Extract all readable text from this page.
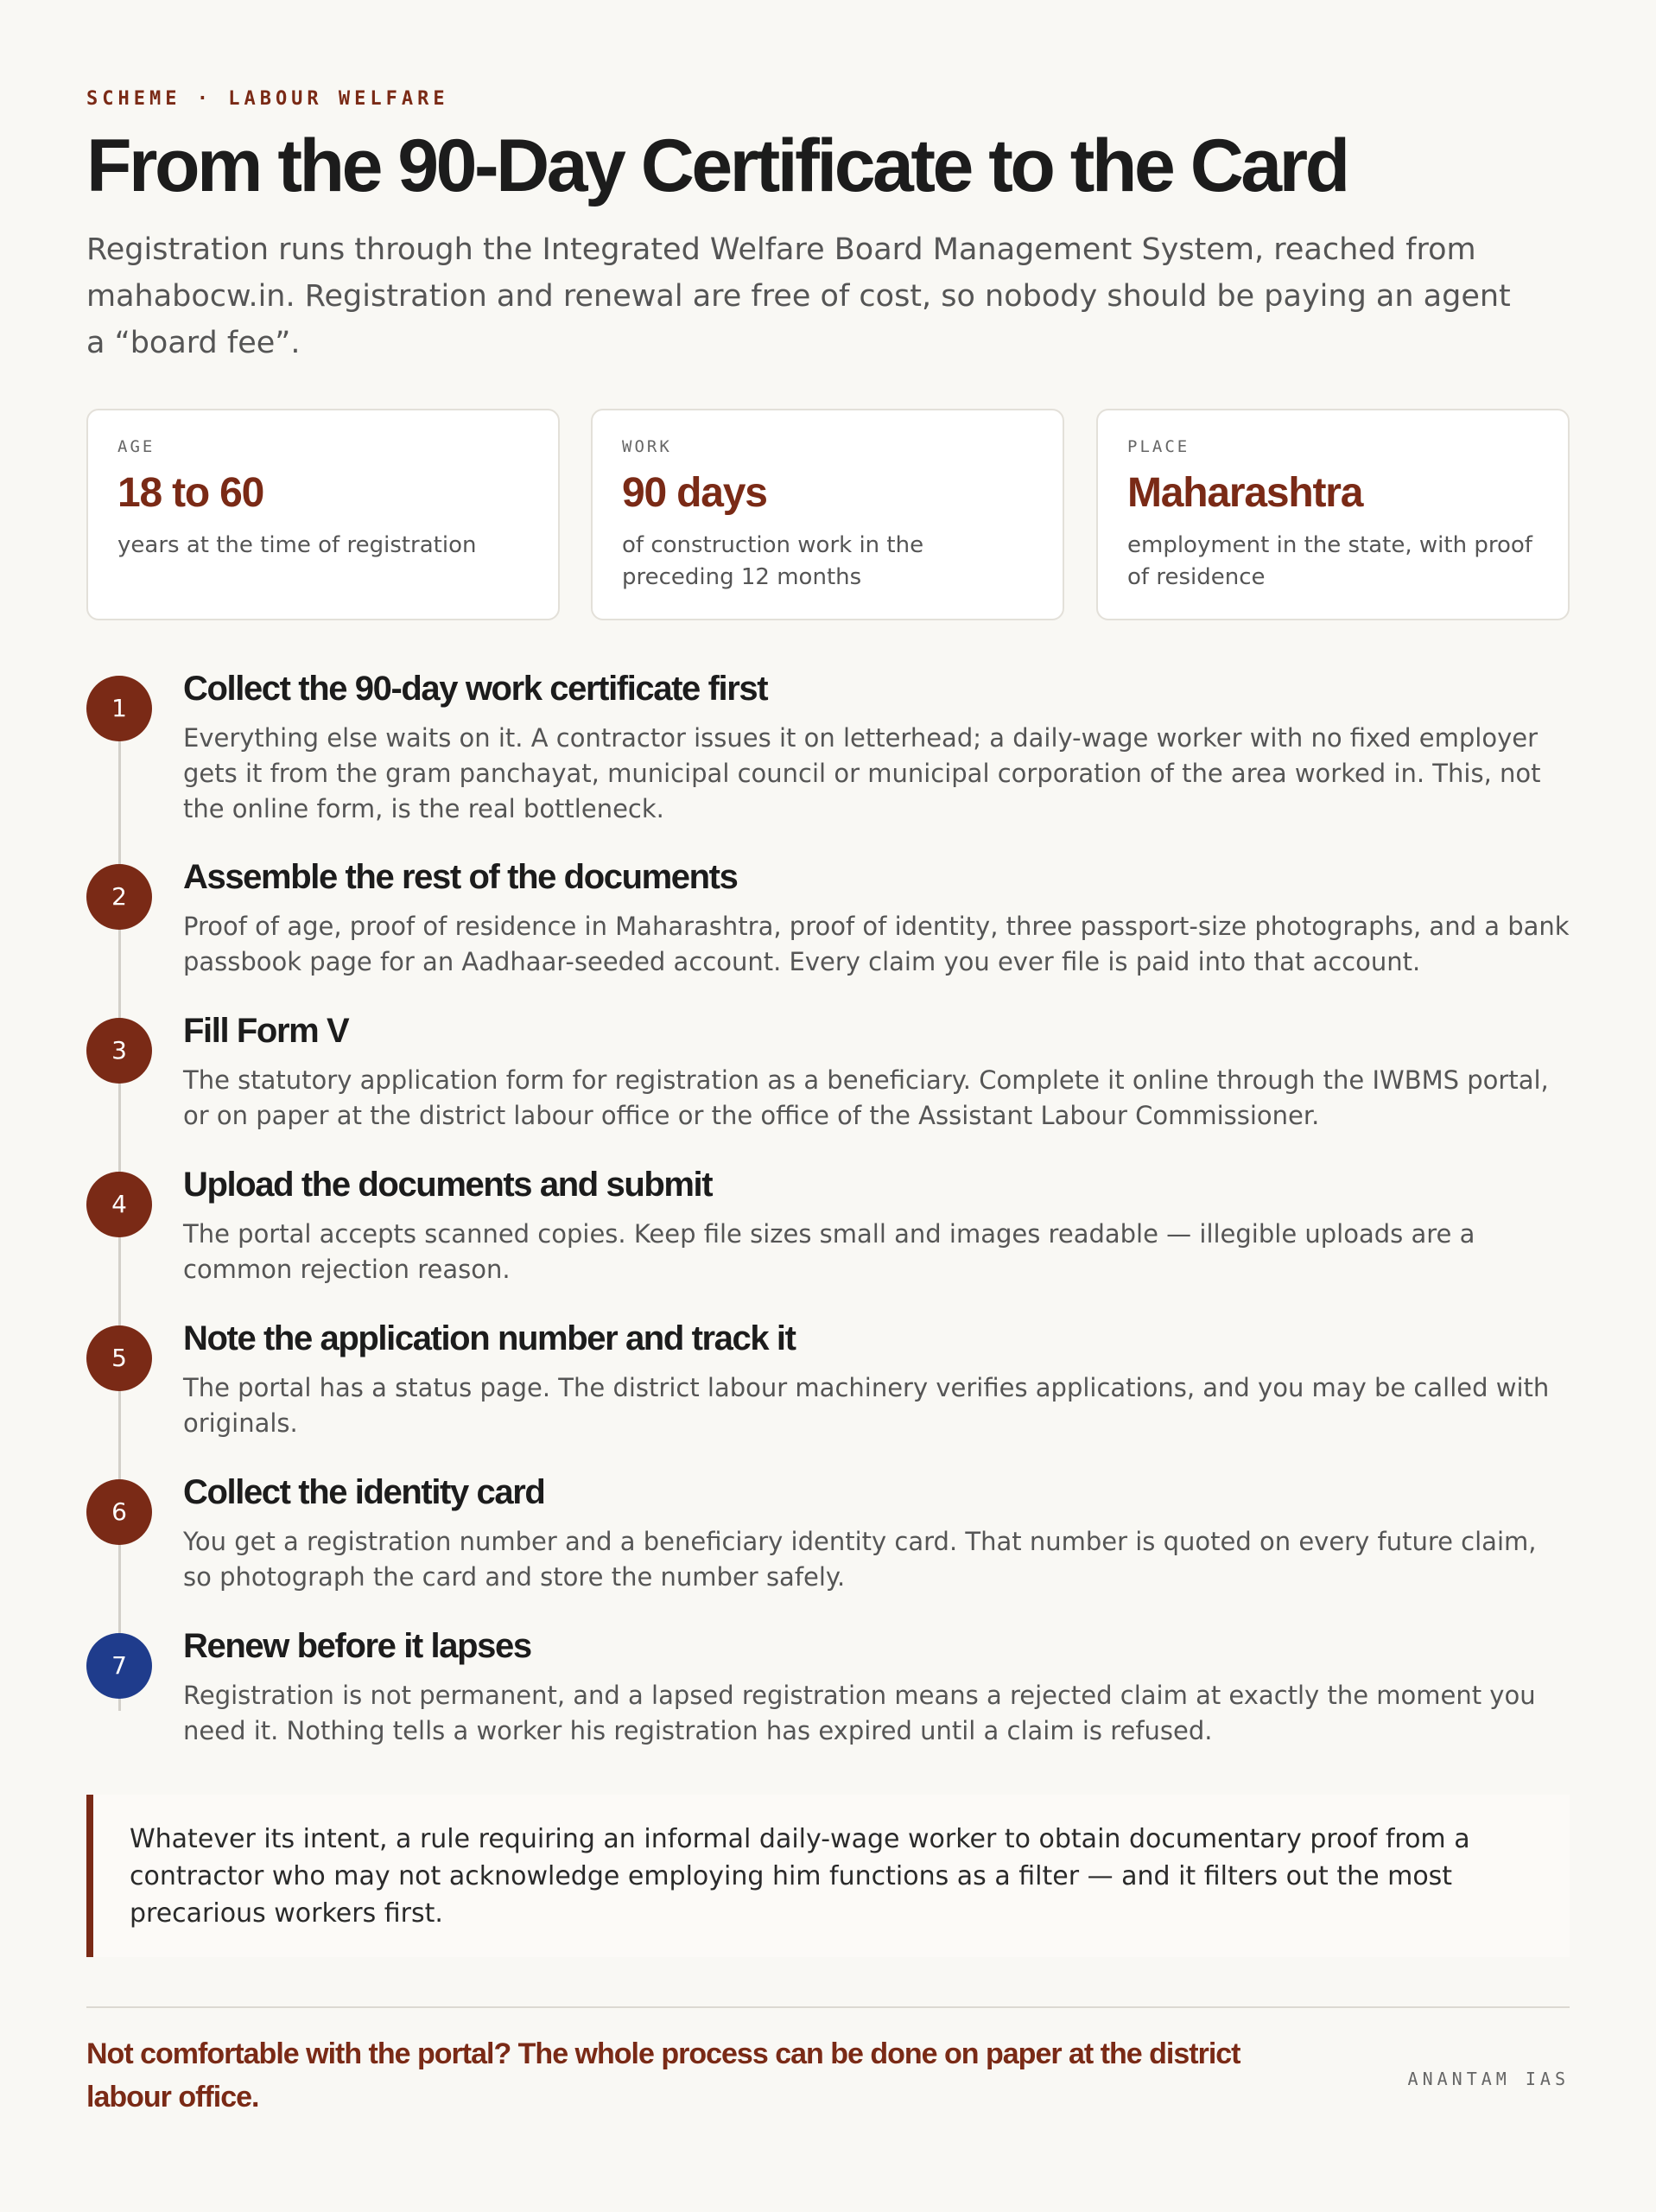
SCHEME · LABOUR WELFARE
From the 90-Day Certificate to the Card

Registration runs through the Integrated Welfare Board Management System, reached from mahabocw.in. Registration and renewal are free of cost, so nobody should be paying an agent a “board fee”.

AGE
18 to 60
years at the time of registration
WORK
90 days
of construction work in the preceding 12 months
PLACE
Maharashtra
employment in the state, with proof of residence
1
Collect the 90-day work certificate first

Everything else waits on it. A contractor issues it on letterhead; a daily-wage worker with no fixed employer gets it from the gram panchayat, municipal council or municipal corporation of the area worked in. This, not the online form, is the real bottleneck.

2
Assemble the rest of the documents

Proof of age, proof of residence in Maharashtra, proof of identity, three passport-size photographs, and a bank passbook page for an Aadhaar-seeded account. Every claim you ever file is paid into that account.

3
Fill Form V

The statutory application form for registration as a beneficiary. Complete it online through the IWBMS portal, or on paper at the district labour office or the office of the Assistant Labour Commissioner.

4
Upload the documents and submit

The portal accepts scanned copies. Keep file sizes small and images readable — illegible uploads are a common rejection reason.

5
Note the application number and track it

The portal has a status page. The district labour machinery verifies applications, and you may be called with originals.

6
Collect the identity card

You get a registration number and a beneficiary identity card. That number is quoted on every future claim, so photograph the card and store the number safely.

7
Renew before it lapses

Registration is not permanent, and a lapsed registration means a rejected claim at exactly the moment you need it. Nothing tells a worker his registration has expired until a claim is refused.

Whatever its intent, a rule requiring an informal daily-wage worker to obtain documentary proof from a contractor who may not acknowledge employing him functions as a filter — and it filters out the most precarious workers first.

Not comfortable with the portal? The whole process can be done on paper at the district labour office.

ANANTAM IAS
